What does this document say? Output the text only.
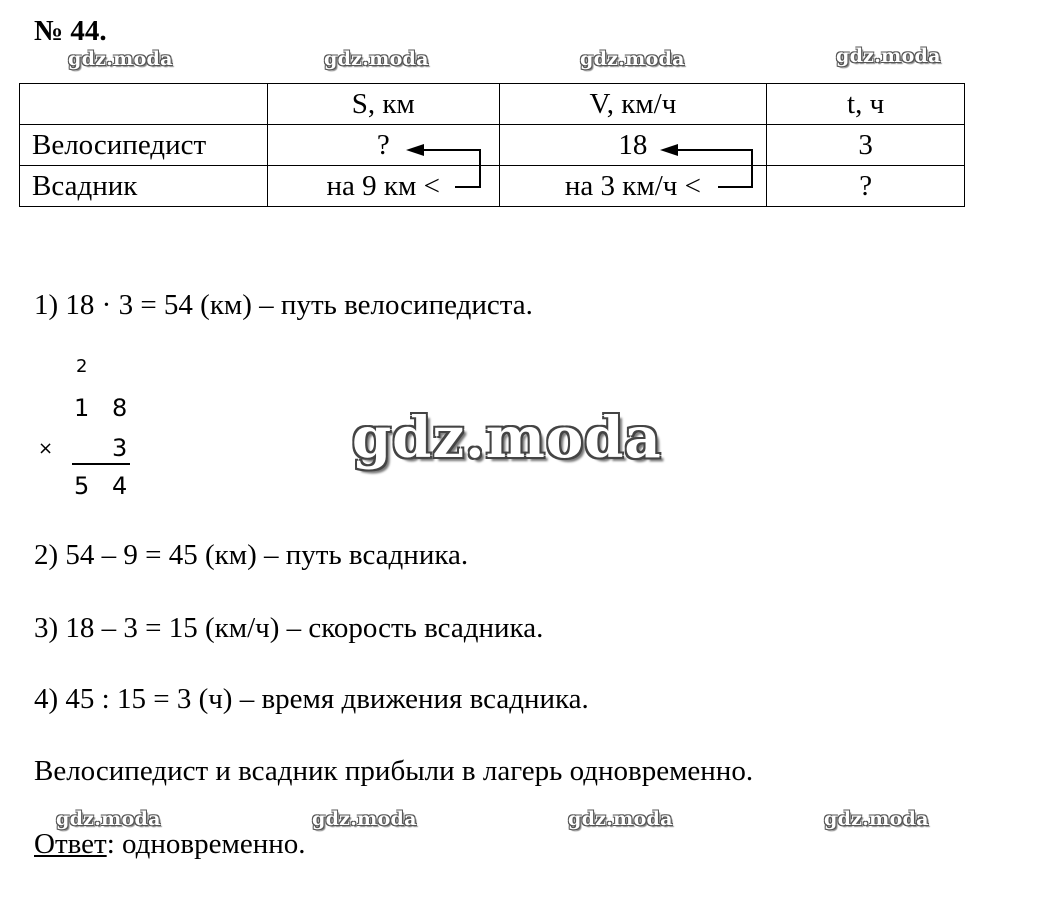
№ 44.
gdz.moda	gdz.moda	gdz.moda	gdz.moda
	S, км	V, км/ч	t, ч
Велосипедист	?	18	3
Всадник	на 9 км <	на 3 км/ч <	?
1) 18 · 3 = 54 (км) – путь велосипедиста.
2
1 8
× 3
5 4
gdz.moda
2) 54 – 9 = 45 (км) – путь всадника.
3) 18 – 3 = 15 (км/ч) – скорость всадника.
4) 45 : 15 = 3 (ч) – время движения всадника.
Велосипедист и всадник прибыли в лагерь одновременно.
gdz.moda	gdz.moda	gdz.moda	gdz.moda
Ответ: одновременно.
